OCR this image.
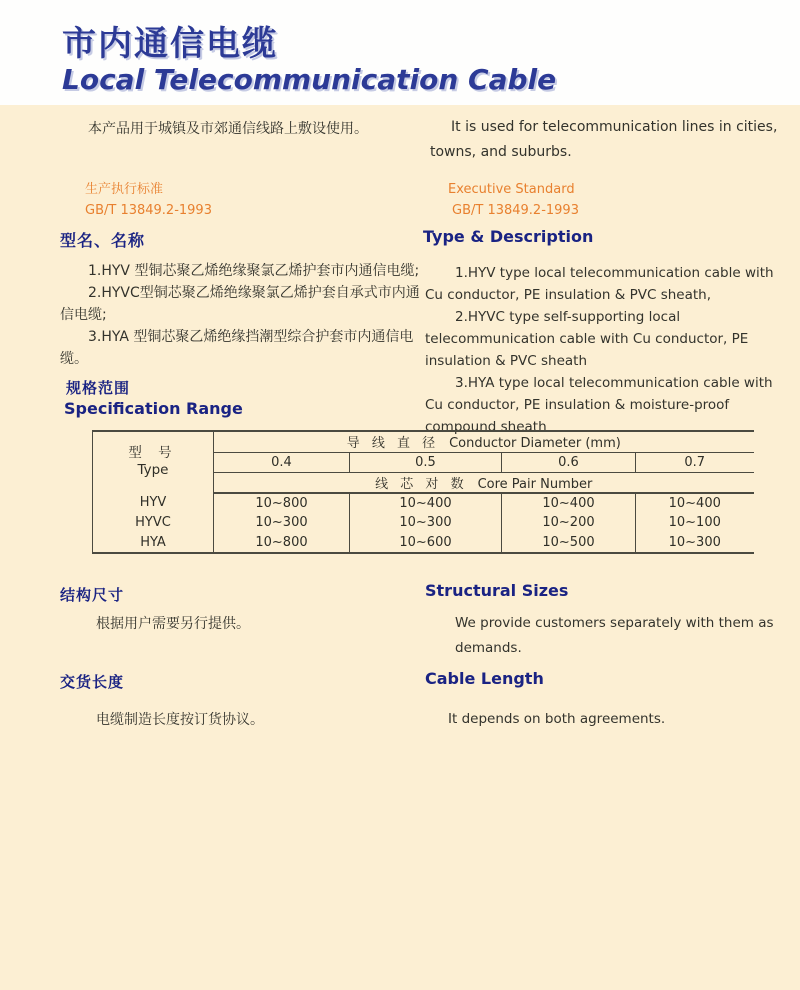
市内通信电缆
Local Telecommunication Cable
本产品用于城镇及市郊通信线路上敷设使用。	It is used for telecommunication lines in cities, towns, and suburbs.
生产执行标准
GB/T 13849.2-1993
Executive Standard
GB/T 13849.2-1993
型名、名称	Type & Description

1.HYV 型铜芯聚乙烯绝缘聚氯乙烯护套市内通信电缆;

2.HYVC型铜芯聚乙烯绝缘聚氯乙烯护套自承式市内通信电缆;

3.HYA 型铜芯聚乙烯绝缘挡潮型综合护套市内通信电缆。

1.HYV type local telecommunication cable with Cu conductor, PE insulation & PVC sheath,

2.HYVC type self-supporting local telecommunication cable with Cu conductor, PE insulation & PVC sheath

3.HYA type local telecommunication cable with Cu conductor, PE insulation & moisture-proof compound sheath

规格范围
Specification Range
型 号
Type	导 线 直 径 Conductor Diameter (mm)			
	0.4	0.5	0.6	0.7
	线 芯 对 数 Core Pair Number			
HYV	10~800	10~400	10~400	10~400
HYVC	10~300	10~300	10~200	10~100
HYA	10~800	10~600	10~500	10~300
结构尺寸	Structural Sizes
根据用户需要另行提供。	We provide customers separately with them as demands.
交货长度	Cable Length
电缆制造长度按订货协议。	It depends on both agreements.
